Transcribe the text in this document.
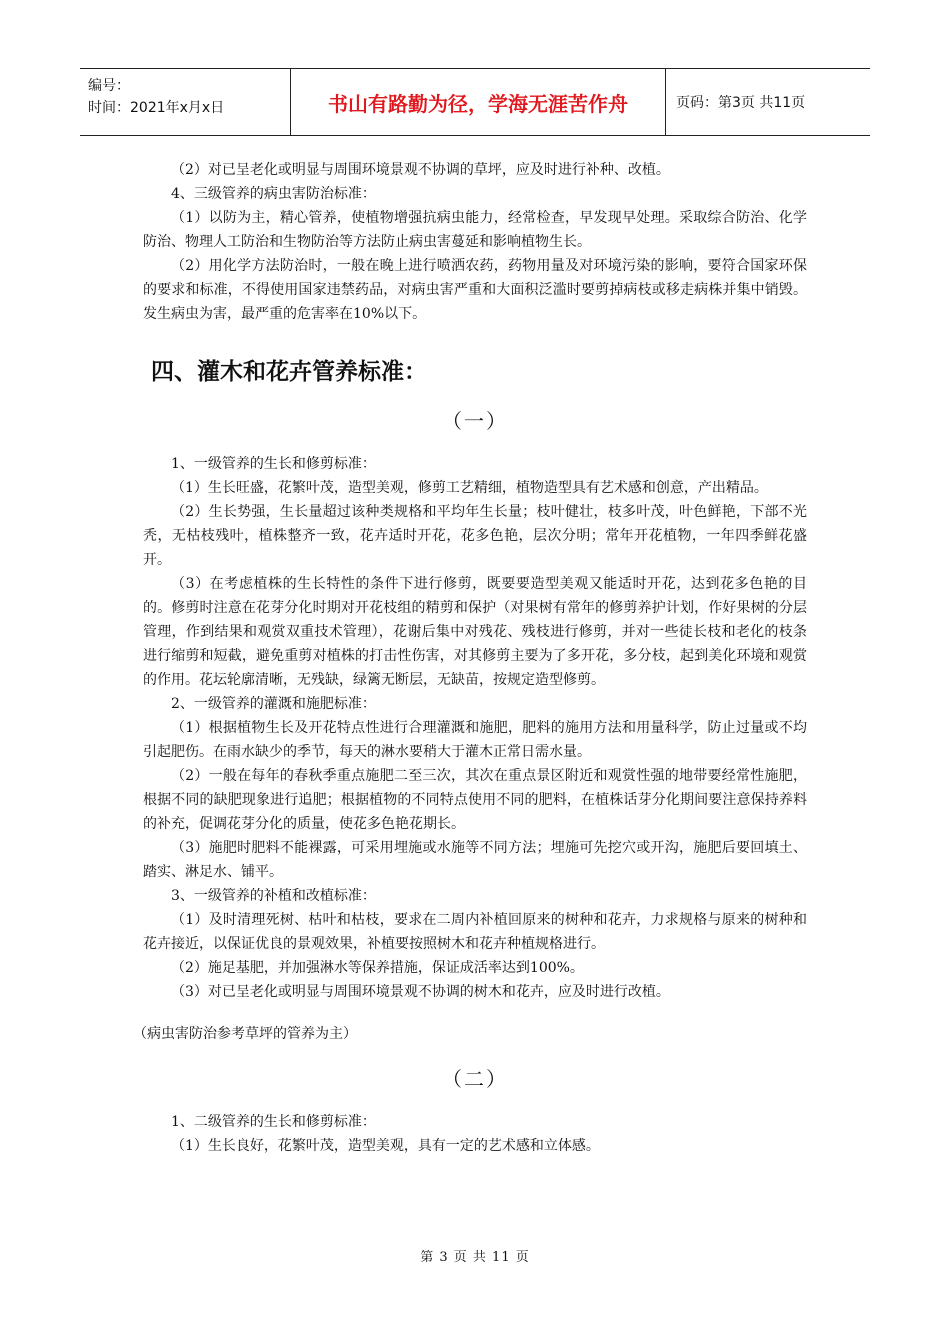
编号：
时间：2021年x月x日	书山有路勤为径，学海无涯苦作舟	页码：第3页 共11页

（2）对已呈老化或明显与周围环境景观不协调的草坪，应及时进行补种、改植。

4、三级管养的病虫害防治标准：

（1）以防为主，精心管养，使植物增强抗病虫能力，经常检查，早发现早处理。采取综合防治、化学防治、物理人工防治和生物防治等方法防止病虫害蔓延和影响植物生长。

（2）用化学方法防治时，一般在晚上进行喷洒农药，药物用量及对环境污染的影响，要符合国家环保的要求和标准，不得使用国家违禁药品，对病虫害严重和大面积泛滥时要剪掉病枝或移走病株并集中销毁。发生病虫为害，最严重的危害率在10%以下。

四、灌木和花卉管养标准：
（一）

1、一级管养的生长和修剪标准：

（1）生长旺盛，花繁叶茂，造型美观，修剪工艺精细，植物造型具有艺术感和创意，产出精品。

（2）生长势强，生长量超过该种类规格和平均年生长量；枝叶健壮，枝多叶茂，叶色鲜艳，下部不光秃，无枯枝残叶，植株整齐一致，花卉适时开花，花多色艳，层次分明；常年开花植物，一年四季鲜花盛开。

（3）在考虑植株的生长特性的条件下进行修剪，既要要造型美观又能适时开花，达到花多色艳的目的。修剪时注意在花芽分化时期对开花枝组的精剪和保护（对果树有常年的修剪养护计划，作好果树的分层管理，作到结果和观赏双重技术管理），花谢后集中对残花、残枝进行修剪，并对一些徒长枝和老化的枝条进行缩剪和短截，避免重剪对植株的打击性伤害，对其修剪主要为了多开花，多分枝，起到美化环境和观赏的作用。花坛轮廓清晰，无残缺，绿篱无断层，无缺苗，按规定造型修剪。

2、一级管养的灌溉和施肥标准：

（1）根据植物生长及开花特点性进行合理灌溉和施肥，肥料的施用方法和用量科学，防止过量或不均引起肥伤。在雨水缺少的季节，每天的淋水要稍大于灌木正常日需水量。

（2）一般在每年的春秋季重点施肥二至三次，其次在重点景区附近和观赏性强的地带要经常性施肥，根据不同的缺肥现象进行追肥；根据植物的不同特点使用不同的肥料，在植株话芽分化期间要注意保持养料的补充，促调花芽分化的质量，使花多色艳花期长。

（3）施肥时肥料不能裸露，可采用埋施或水施等不同方法；埋施可先挖穴或开沟，施肥后要回填土、踏实、淋足水、铺平。

3、一级管养的补植和改植标准：

（1）及时清理死树、枯叶和枯枝，要求在二周内补植回原来的树种和花卉，力求规格与原来的树种和花卉接近，以保证优良的景观效果，补植要按照树木和花卉种植规格进行。

（2）施足基肥，并加强淋水等保养措施，保证成活率达到100%。

（3）对已呈老化或明显与周围环境景观不协调的树木和花卉，应及时进行改植。

（病虫害防治参考草坪的管养为主）
（二）

1、二级管养的生长和修剪标准：

（1）生长良好，花繁叶茂，造型美观，具有一定的艺术感和立体感。

第 3 页 共 11 页
